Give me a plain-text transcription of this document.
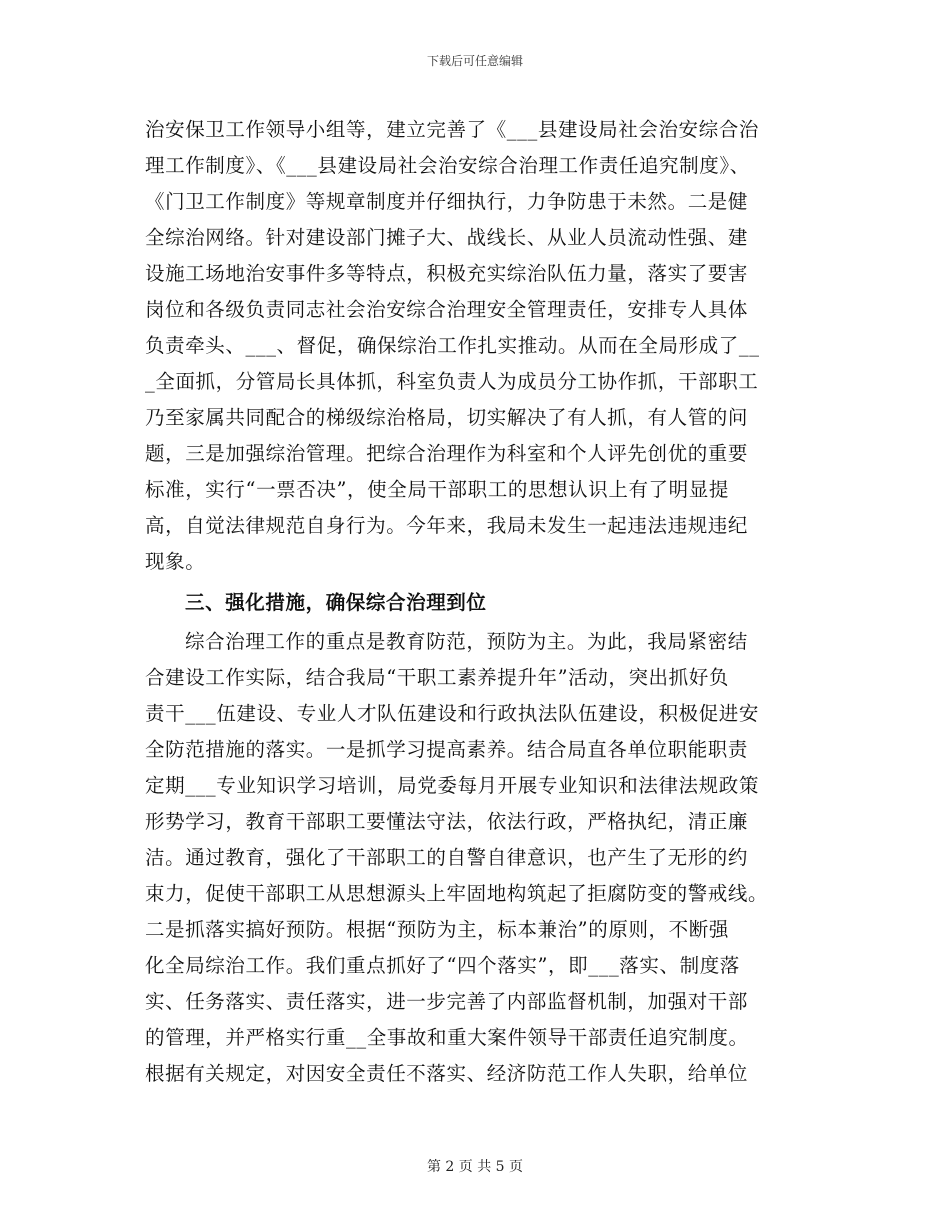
下载后可任意编辑
治安保卫工作领导小组等，建立完善了《___县建设局社会治安综合治
理工作制度》、《___县建设局社会治安综合治理工作责任追究制度》、
《门卫工作制度》等规章制度并仔细执行，力争防患于未然。二是健
全综治网络。针对建设部门摊子大、战线长、从业人员流动性强、建
设施工场地治安事件多等特点，积极充实综治队伍力量，落实了要害
岗位和各级负责同志社会治安综合治理安全管理责任，安排专人具体
负责牵头、___、督促，确保综治工作扎实推动。从而在全局形成了__
_全面抓，分管局长具体抓，科室负责人为成员分工协作抓，干部职工
乃至家属共同配合的梯级综治格局，切实解决了有人抓，有人管的问
题，三是加强综治管理。把综合治理作为科室和个人评先创优的重要
标准，实行“一票否决”，使全局干部职工的思想认识上有了明显提
高，自觉法律规范自身行为。今年来，我局未发生一起违法违规违纪
现象。
三、强化措施，确保综合治理到位
综合治理工作的重点是教育防范，预防为主。为此，我局紧密结
合建设工作实际，结合我局“干职工素养提升年”活动，突出抓好负
责干___伍建设、专业人才队伍建设和行政执法队伍建设，积极促进安
全防范措施的落实。一是抓学习提高素养。结合局直各单位职能职责
定期___专业知识学习培训，局党委每月开展专业知识和法律法规政策
形势学习，教育干部职工要懂法守法，依法行政，严格执纪，清正廉
洁。通过教育，强化了干部职工的自警自律意识，也产生了无形的约
束力，促使干部职工从思想源头上牢固地构筑起了拒腐防变的警戒线。
二是抓落实搞好预防。根据“预防为主，标本兼治”的原则，不断强
化全局综治工作。我们重点抓好了“四个落实”，即___落实、制度落
实、任务落实、责任落实，进一步完善了内部监督机制，加强对干部
的管理，并严格实行重__全事故和重大案件领导干部责任追究制度。
根据有关规定，对因安全责任不落实、经济防范工作人失职，给单位
第 2 页 共 5 页
